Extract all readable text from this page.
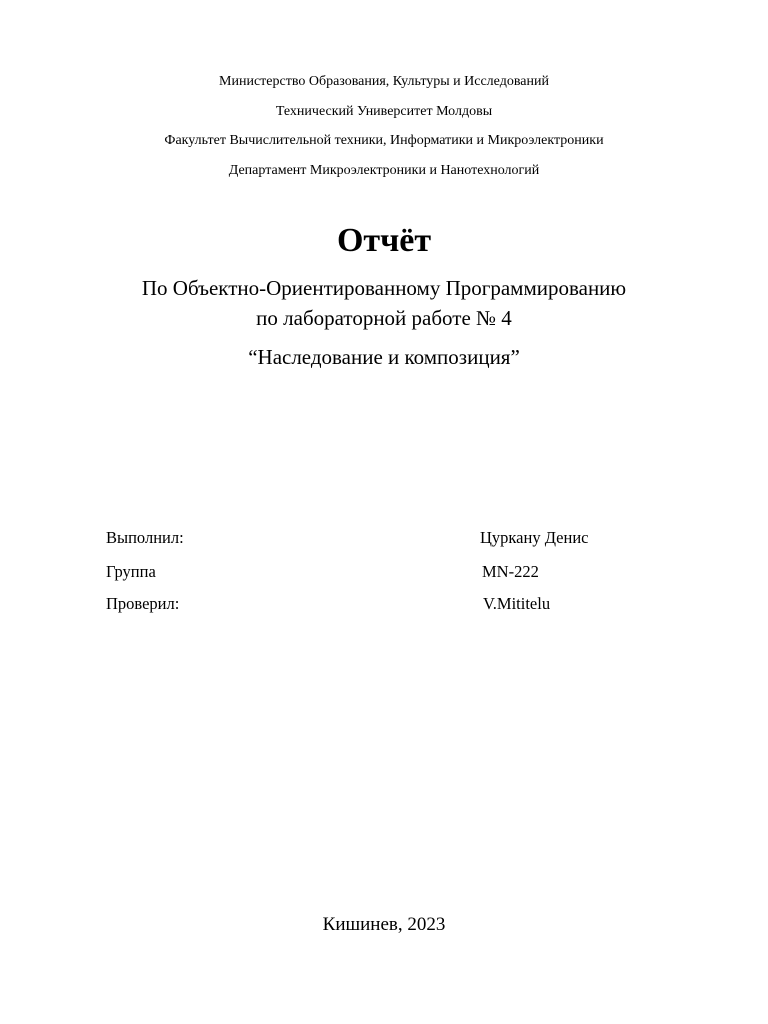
Министерство Образования, Культуры и Исследований
Технический Университет Молдовы
Факультет Вычислительной техники, Информатики и Микроэлектроники
Департамент Микроэлектроники и Нанотехнологий
Отчёт
По Объектно-Ориентированному Программированию
по лабораторной работе № 4
“Наследование и композиция”
Выполнил:	Цуркану Денис
Группа	MN-222
Проверил:	V.Mititelu
Кишинев, 2023
